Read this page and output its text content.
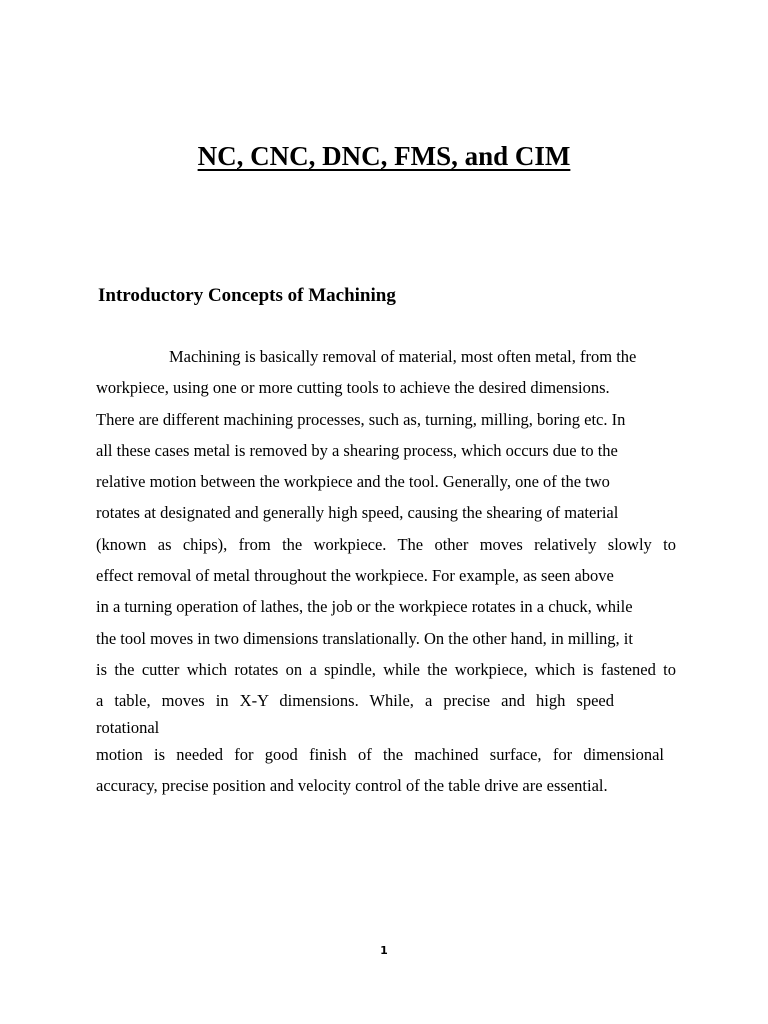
NC, CNC, DNC, FMS, and CIM
Introductory Concepts of Machining
Machining is basically removal of material, most often metal, from the
workpiece, using one or more cutting tools to achieve the desired dimensions.
There are different machining processes, such as, turning, milling, boring etc. In
all these cases metal is removed by a shearing process, which occurs due to the
relative motion between the workpiece and the tool. Generally, one of the two
rotates at designated and generally high speed, causing the shearing of material
(known as chips), from the workpiece. The other moves relatively slowly to
effect removal of metal throughout the workpiece. For example, as seen above
in a turning operation of lathes, the job or the workpiece rotates in a chuck, while
the tool moves in two dimensions translationally. On the other hand, in milling, it
is the cutter which rotates on a spindle, while the workpiece, which is fastened to
a table, moves in X-Y dimensions. While, a precise and high speed
rotational
motion is needed for good finish of the machined surface, for dimensional
accuracy, precise position and velocity control of the table drive are essential.
1
